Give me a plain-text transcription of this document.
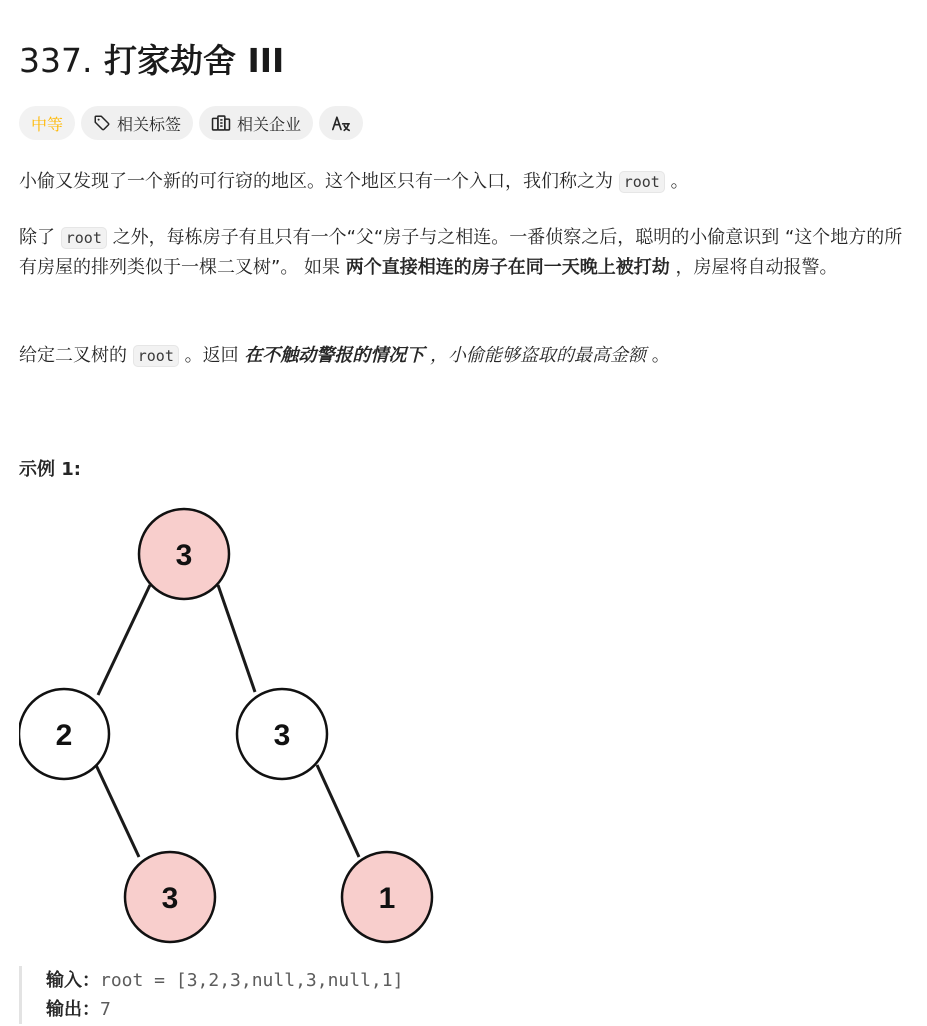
337. 打家劫舍 III
中等	相关标签	相关企业
小偷又发现了一个新的可行窃的地区。这个地区只有一个入口，我们称之为 root 。
除了 root 之外，每栋房子有且只有一个“父“房子与之相连。一番侦察之后，聪明的小偷意识到 “这个地方的所有房屋的排列类似于一棵二叉树”。 如果 两个直接相连的房子在同一天晚上被打劫 ，房屋将自动报警。
给定二叉树的 root 。返回 在不触动警报的情况下 ，小偷能够盗取的最高金额 。
示例 1:
3
2	3
3	1
输入：root = [3,2,3,null,3,null,1]
输出：7
